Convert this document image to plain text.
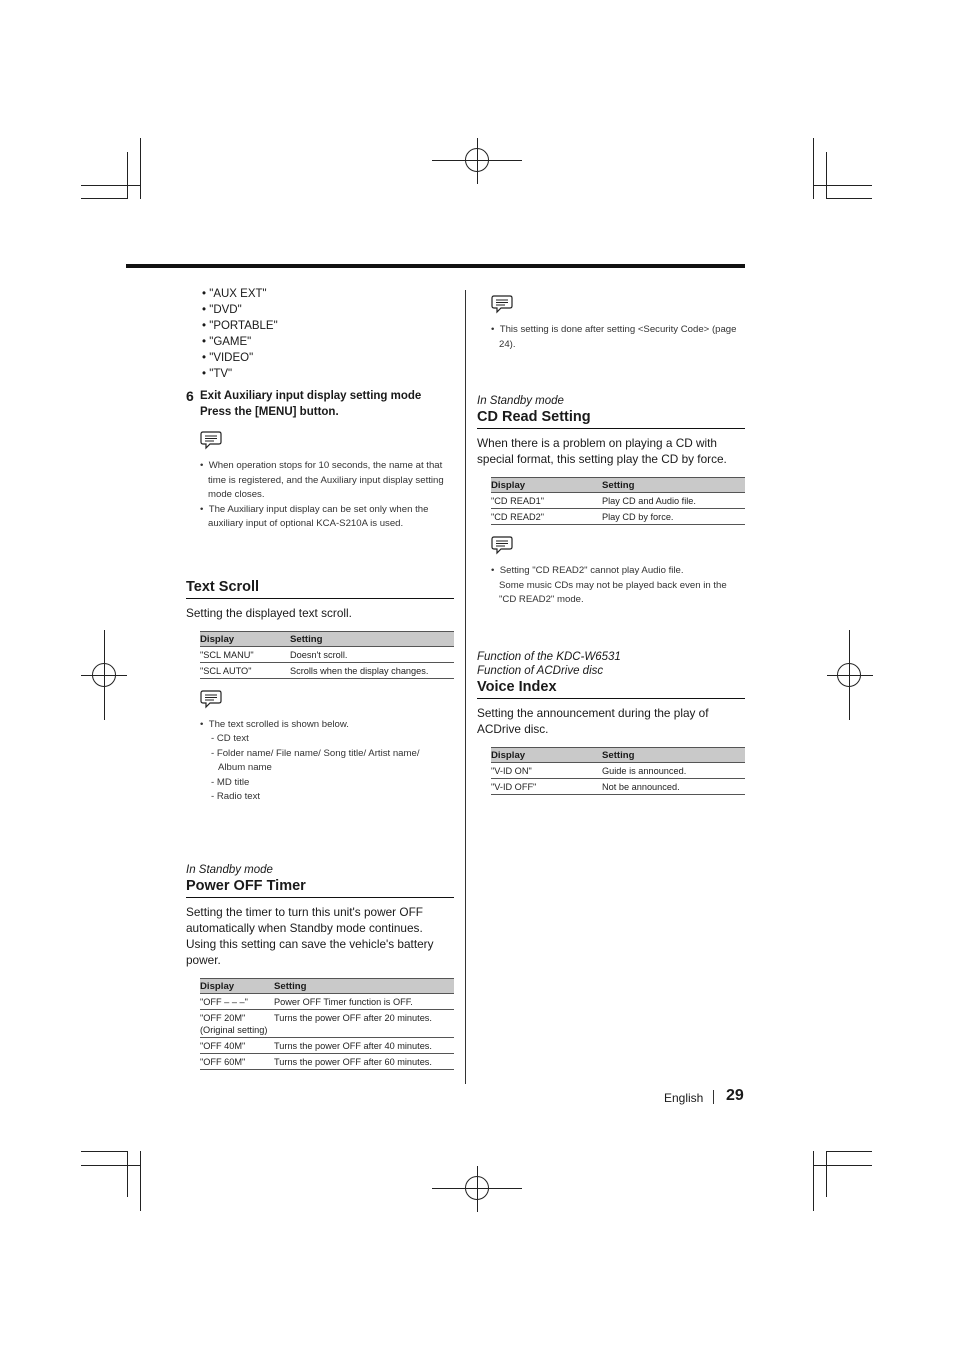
• "AUX EXT"
• "DVD"
• "PORTABLE"
• "GAME"
• "VIDEO"
• "TV"
6 Exit Auxiliary input display setting mode
Press the [MENU] button.
•  When operation stops for 10 seconds, the name at that time is registered, and the Auxiliary input display setting mode closes.
•  The Auxiliary input display can be set only when the auxiliary input of optional KCA-S210A is used.
Text Scroll
Setting the displayed text scroll.
Display	Setting
"SCL MANU"	Doesn't scroll.
"SCL AUTO"	Scrolls when the display changes.
•  The text scrolled is shown below.
- CD text
- Folder name/ File name/ Song title/ Artist name/
Album name
- MD title
- Radio text
In Standby mode
Power OFF Timer
Setting the timer to turn this unit's power OFF automatically when Standby mode continues. Using this setting can save the vehicle's battery power.
Display	Setting
"OFF – – –"	Power OFF Timer function is OFF.

"OFF 20M"
(Original setting)	Turns the power OFF after 20 minutes.
"OFF 40M"	Turns the power OFF after 40 minutes.
"OFF 60M"	Turns the power OFF after 60 minutes.
•  This setting is done after setting <Security Code> (page 24).
In Standby mode
CD Read Setting
When there is a problem on playing a CD with special format, this setting play the CD by force.
Display	Setting
"CD READ1"	Play CD and Audio file.
"CD READ2"	Play CD by force.
•  Setting "CD READ2" cannot play Audio file.
Some music CDs may not be played back even in the "CD READ2" mode.
Function of the KDC-W6531
Function of ACDrive disc
Voice Index
Setting the announcement during the play of ACDrive disc.
Display	Setting
"V-ID ON"	Guide is announced.
"V-ID OFF"	Not be announced.
English 29
